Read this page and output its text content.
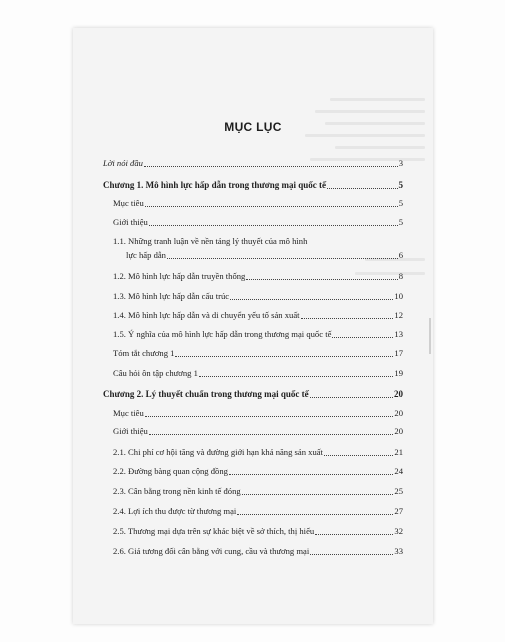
MỤC LỤC
Lời nói đầu	3
Chương 1. Mô hình lực hấp dẫn trong thương mại quốc tế	5
Mục tiêu	5
Giới thiệu	5
1.1. Những tranh luận về nền tảng lý thuyết của mô hình
lực hấp dẫn	6
1.2. Mô hình lực hấp dẫn truyền thống	8
1.3. Mô hình lực hấp dẫn cấu trúc	10
1.4. Mô hình lực hấp dẫn và di chuyển yếu tố sản xuất	12
1.5. Ý nghĩa của mô hình lực hấp dẫn trong thương mại quốc tế	13
Tóm tắt chương 1	17
Câu hỏi ôn tập chương 1	19
Chương 2. Lý thuyết chuẩn trong thương mại quốc tế	20
Mục tiêu	20
Giới thiệu	20
2.1. Chi phí cơ hội tăng và đường giới hạn khả năng sản xuất	21
2.2. Đường bàng quan cộng đồng	24
2.3. Cân bằng trong nền kinh tế đóng	25
2.4. Lợi ích thu được từ thương mại	27
2.5. Thương mại dựa trên sự khác biệt về sở thích, thị hiếu	32
2.6. Giá tương đối cân bằng với cung, cầu và thương mại	33
